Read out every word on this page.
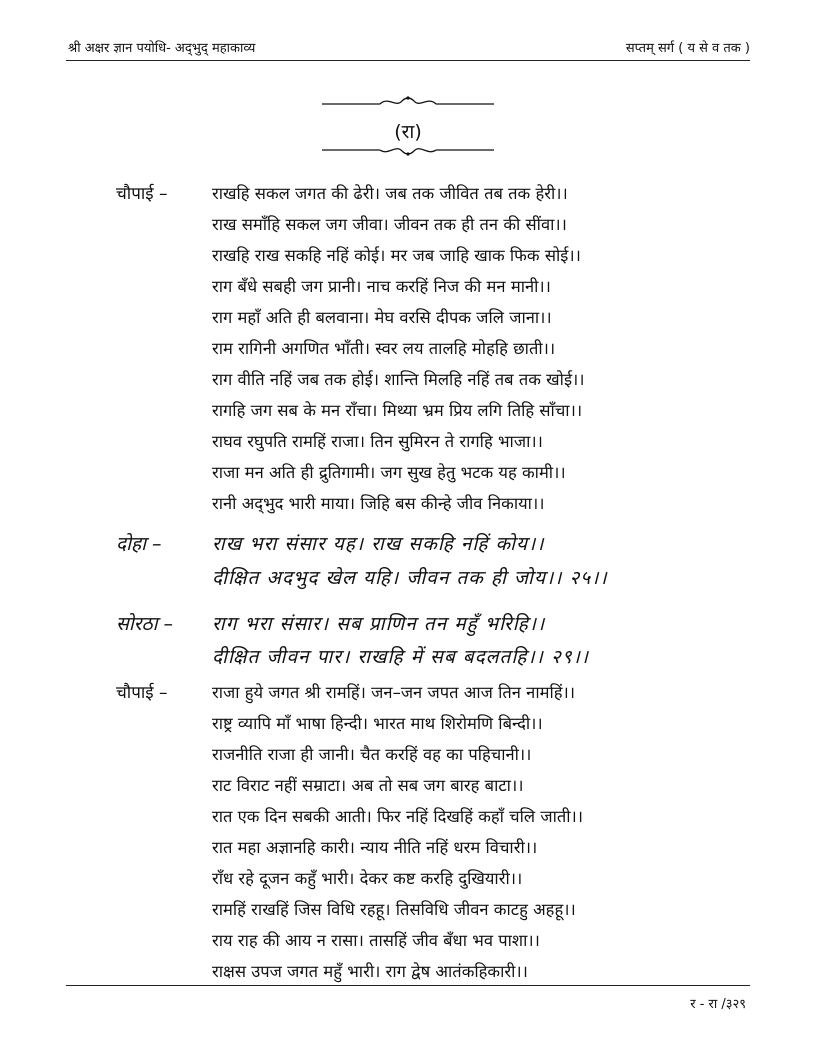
श्री अक्षर ज्ञान पयोधि- अद्‌भुद् महाकाव्य	सप्तम् सर्ग ( य से व तक )
(रा)
चौपाई –	राखहि सकल जगत की ढेरी। जब तक जीवित तब तक हेरी।।
राख समाँहि सकल जग जीवा। जीवन तक ही तन की सींवा।।
राखहि राख सकहि नहिं कोई। मर जब जाहि खाक फिक सोई।।
राग बँधे सबही जग प्रानी। नाच करहिं निज की मन मानी।।
राग महाँ अति ही बलवाना। मेघ वरसि दीपक जलि जाना।।
राम रागिनी अगणित भाँती। स्वर लय तालहि मोहहि छाती।।
राग वीति नहिं जब तक होई। शान्ति मिलहि नहिं तब तक खोई।।
रागहि जग सब के मन राँचा। मिथ्या भ्रम प्रिय लगि तिहि साँचा।।
राघव रघुपति रामहिं राजा। तिन सुमिरन ते रागहि भाजा।।
राजा मन अति ही द्रुतिगामी। जग सुख हेतु भटक यह कामी।।
रानी अद्‌भुद भारी माया। जिहि बस कीन्हे जीव निकाया।।
दोहा –	राख भरा संसार यह। राख सकहि नहिं कोय।।
दीक्षित अदभुद खेल यहि। जीवन तक ही जोय।। २५।।
सोरठा – राग भरा संसार। सब प्राणिन तन महुँ भरिहि।।
दीक्षित जीवन पार। राखहि में सब बदलतहि।। २९।।
चौपाई –	राजा हुये जगत श्री रामहिं। जन–जन जपत आज तिन नामहिं।।
राष्ट्र व्यापि माँ भाषा हिन्दी। भारत माथ शिरोमणि बिन्दी।।
राजनीति राजा ही जानी। चैत करहिं वह का पहिचानी।।
राट विराट नहीं सम्राटा। अब तो सब जग बारह बाटा।।
रात एक दिन सबकी आती। फिर नहिं दिखहिं कहाँ चलि जाती।।
रात महा अज्ञानहि कारी। न्याय नीति नहिं धरम विचारी।।
राँध रहे दूजन कहुँ भारी। देकर कष्ट करहि दुखियारी।।
रामहिं राखहिं जिस विधि रहहू। तिसविधि जीवन काटहु अहहू।।
राय राह की आय न रासा। तासहिं जीव बँधा भव पाशा।।
राक्षस उपज जगत महुँ भारी। राग द्वेष आतंकहिकारी।।
र - रा /३२९
